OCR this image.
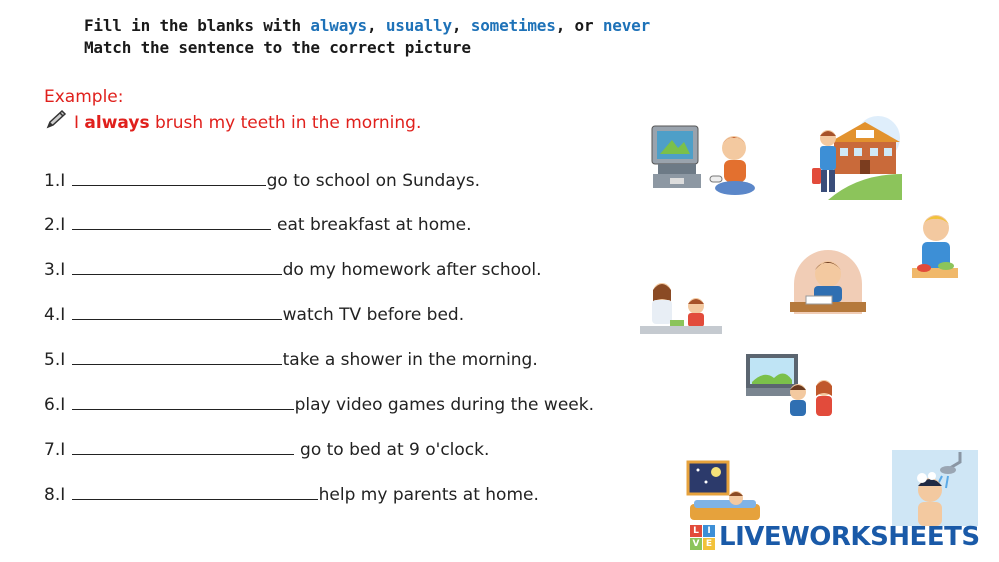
Fill in the blanks with always, usually, sometimes, or never
Match the sentence to the correct picture
Example:
I always brush my teeth in the morning.
1.I	go to school on Sundays.
2.I	eat breakfast at home.
3.I	do my homework after school.
4.I	watch TV before bed.
5.I	take a shower in the morning.
6.I	play video games during the week.
7.I	go to bed at 9 o'clock.
8.I	help my parents at home.
L I
V E LIVEWORKSHEETS
